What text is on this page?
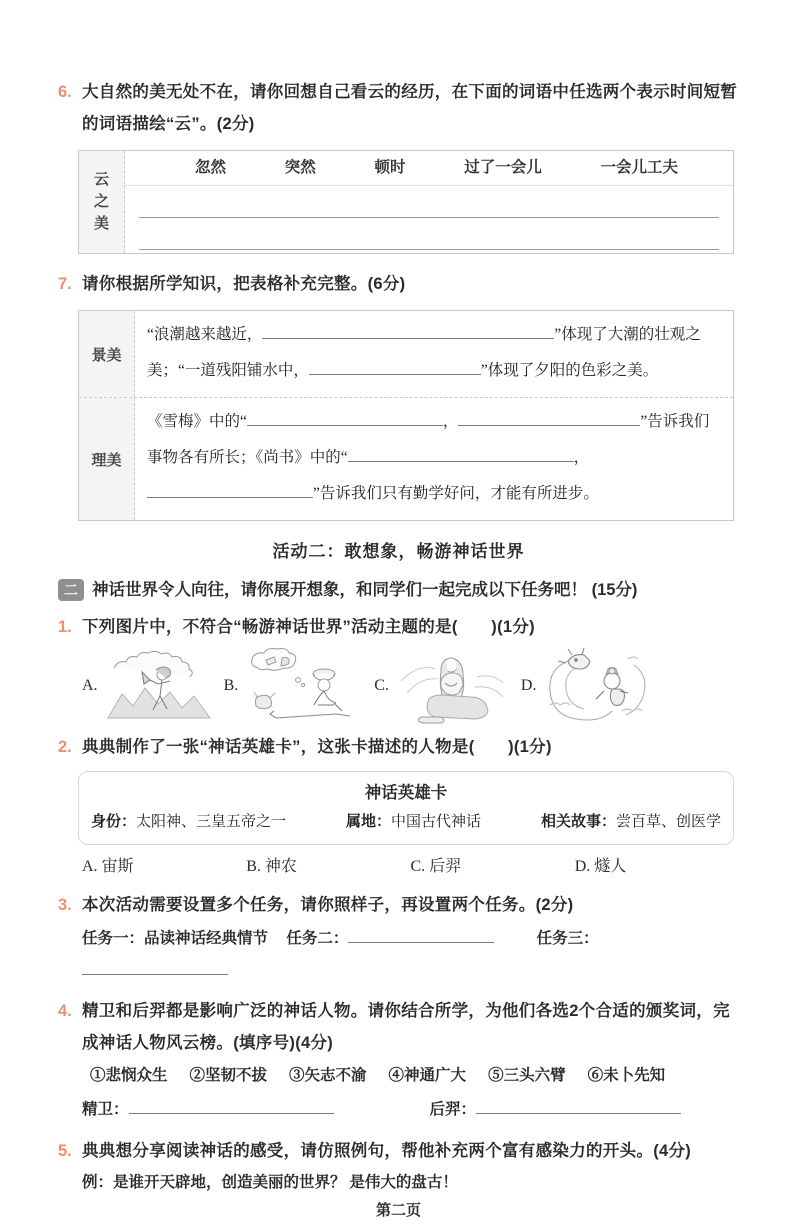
6. 大自然的美无处不在，请你回想自己看云的经历，在下面的词语中任选两个表示时间短暂的词语描绘“云”。(2分)
云之美
忽然	突然	顿时	过了一会儿	一会儿工夫
7. 请你根据所学知识，把表格补充完整。(6分)
景美
“浪潮越来越近，	”体现了大潮的壮观之美；“一道残阳铺水中，	”体现了夕阳的色彩之美。
理美
《雪梅》中的“	，	”告诉我们事物各有所长；《尚书》中的“	，”告诉我们只有勤学好问，才能有所进步。
活动二：敢想象，畅游神话世界
二 神话世界令人向往，请你展开想象，和同学们一起完成以下任务吧！ (15分)
1. 下列图片中，不符合“畅游神话世界”活动主题的是(　　)(1分)
A.	B.	C.	D.
2. 典典制作了一张“神话英雄卡”，这张卡描述的人物是(　　)(1分)
神话英雄卡
身份：太阳神、三皇五帝之一	属地：中国古代神话	相关故事：尝百草、创医学
A. 宙斯	B. 神农	C. 后羿	D. 燧人
3. 本次活动需要设置多个任务，请你照样子，再设置两个任务。(2分)
任务一：品读神话经典情节 任务二：	任务三：
4. 精卫和后羿都是影响广泛的神话人物。请你结合所学，为他们各选2个合适的颁奖词，完成神话人物风云榜。(填序号)(4分)
①悲悯众生 ②坚韧不拔 ③矢志不渝 ④神通广大 ⑤三头六臂 ⑥未卜先知
精卫：	后羿：
5. 典典想分享阅读神话的感受，请仿照例句，帮他补充两个富有感染力的开头。(4分)
例：是谁开天辟地，创造美丽的世界？ 是伟大的盘古！
第二页
